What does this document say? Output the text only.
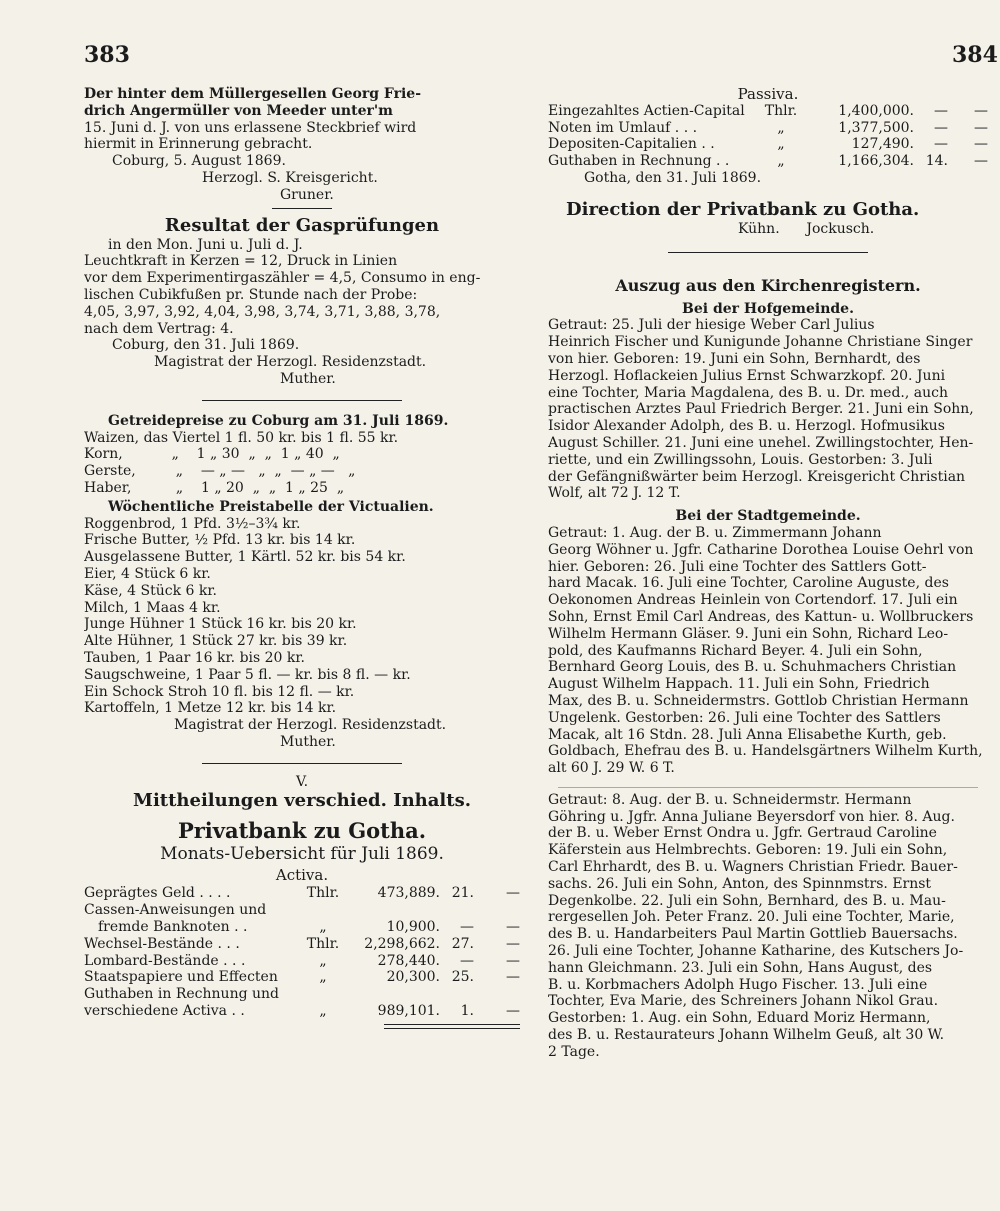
383	384
Der hinter dem Müllergesellen Georg Frie-
drich Angermüller von Meeder unter'm
15. Juni d. J. von uns erlassene Steckbrief wird
hiermit in Erinnerung gebracht.
Coburg, 5. August 1869.
Herzogl. S. Kreisgericht.
Gruner.
Resultat der Gasprüfungen
in den Mon. Juni u. Juli d. J.
Leuchtkraft in Kerzen = 12, Druck in Linien
vor dem Experimentirgaszähler = 4,5, Consumo in eng-
lischen Cubikfußen pr. Stunde nach der Probe:
4,05, 3,97, 3,92, 4,04, 3,98, 3,74, 3,71, 3,88, 3,78,
nach dem Vertrag: 4.
Coburg, den 31. Juli 1869.
Magistrat der Herzogl. Residenzstadt.
Muther.
Getreidepreise zu Coburg am 31. Juli 1869.
Waizen, das Viertel 1 fl. 50 kr. bis 1 fl. 55 kr.
Korn,           „    1 „ 30  „  „  1 „ 40  „
Gerste,         „    — „ —   „  „  — „ —   „
Haber,          „    1 „ 20  „  „  1 „ 25  „
Wöchentliche Preistabelle der Victualien.
Roggenbrod, 1 Pfd. 3½–3¾ kr.
Frische Butter, ½ Pfd. 13 kr. bis 14 kr.
Ausgelassene Butter, 1 Kärtl. 52 kr. bis 54 kr.
Eier, 4 Stück 6 kr.
Käse, 4 Stück 6 kr.
Milch, 1 Maas 4 kr.
Junge Hühner 1 Stück 16 kr. bis 20 kr.
Alte Hühner, 1 Stück 27 kr. bis 39 kr.
Tauben, 1 Paar 16 kr. bis 20 kr.
Saugschweine, 1 Paar 5 fl. — kr. bis 8 fl. — kr.
Ein Schock Stroh 10 fl. bis 12 fl. — kr.
Kartoffeln, 1 Metze 12 kr. bis 14 kr.
Magistrat der Herzogl. Residenzstadt.
Muther.
V.
Mittheilungen verschied. Inhalts.
Privatbank zu Gotha.
Monats-Uebersicht für Juli 1869.
Activa.
Geprägtes Geld . . . .	Thlr.	473,889. 21.	—
Cassen-Anweisungen und
fremde Banknoten . .	„	10,900.	—	—
Wechsel-Bestände . . .	Thlr.	2,298,662. 27.	—
Lombard-Bestände . . .	„	278,440.	—	—
Staatspapiere und Effecten	„	20,300. 25.	—
Guthaben in Rechnung und
verschiedene Activa . .	„	989,101.	1.	—
Passiva.
Eingezahltes Actien-Capital	Thlr.	1,400,000.	—	—
Noten im Umlauf . . .	„	1,377,500.	—	—
Depositen-Capitalien . .	„	127,490.	—	—
Guthaben in Rechnung . .	„	1,166,304. 14.	—
Gotha, den 31. Juli 1869.
Direction der Privatbank zu Gotha.
Kühn.      Jockusch.
Auszug aus den Kirchenregistern.
Bei der Hofgemeinde.
Getraut: 25. Juli der hiesige Weber Carl Julius
Heinrich Fischer und Kunigunde Johanne Christiane Singer
von hier. Geboren: 19. Juni ein Sohn, Bernhardt, des
Herzogl. Hoflackeien Julius Ernst Schwarzkopf. 20. Juni
eine Tochter, Maria Magdalena, des B. u. Dr. med., auch
practischen Arztes Paul Friedrich Berger. 21. Juni ein Sohn,
Isidor Alexander Adolph, des B. u. Herzogl. Hofmusikus
August Schiller. 21. Juni eine unehel. Zwillingstochter, Hen-
riette, und ein Zwillingssohn, Louis. Gestorben: 3. Juli
der Gefängnißwärter beim Herzogl. Kreisgericht Christian
Wolf, alt 72 J. 12 T.
Bei der Stadtgemeinde.
Getraut: 1. Aug. der B. u. Zimmermann Johann
Georg Wöhner u. Jgfr. Catharine Dorothea Louise Oehrl von
hier. Geboren: 26. Juli eine Tochter des Sattlers Gott-
hard Macak. 16. Juli eine Tochter, Caroline Auguste, des
Oekonomen Andreas Heinlein von Cortendorf. 17. Juli ein
Sohn, Ernst Emil Carl Andreas, des Kattun- u. Wollbruckers
Wilhelm Hermann Gläser. 9. Juni ein Sohn, Richard Leo-
pold, des Kaufmanns Richard Beyer. 4. Juli ein Sohn,
Bernhard Georg Louis, des B. u. Schuhmachers Christian
August Wilhelm Happach. 11. Juli ein Sohn, Friedrich
Max, des B. u. Schneidermstrs. Gottlob Christian Hermann
Ungelenk. Gestorben: 26. Juli eine Tochter des Sattlers
Macak, alt 16 Stdn. 28. Juli Anna Elisabethe Kurth, geb.
Goldbach, Ehefrau des B. u. Handelsgärtners Wilhelm Kurth,
alt 60 J. 29 W. 6 T.
Getraut: 8. Aug. der B. u. Schneidermstr. Hermann
Göhring u. Jgfr. Anna Juliane Beyersdorf von hier. 8. Aug.
der B. u. Weber Ernst Ondra u. Jgfr. Gertraud Caroline
Käferstein aus Helmbrechts. Geboren: 19. Juli ein Sohn,
Carl Ehrhardt, des B. u. Wagners Christian Friedr. Bauer-
sachs. 26. Juli ein Sohn, Anton, des Spinnmstrs. Ernst
Degenkolbe. 22. Juli ein Sohn, Bernhard, des B. u. Mau-
rergesellen Joh. Peter Franz. 20. Juli eine Tochter, Marie,
des B. u. Handarbeiters Paul Martin Gottlieb Bauersachs.
26. Juli eine Tochter, Johanne Katharine, des Kutschers Jo-
hann Gleichmann. 23. Juli ein Sohn, Hans August, des
B. u. Korbmachers Adolph Hugo Fischer. 13. Juli eine
Tochter, Eva Marie, des Schreiners Johann Nikol Grau.
Gestorben: 1. Aug. ein Sohn, Eduard Moriz Hermann,
des B. u. Restaurateurs Johann Wilhelm Geuß, alt 30 W.
2 Tage.
